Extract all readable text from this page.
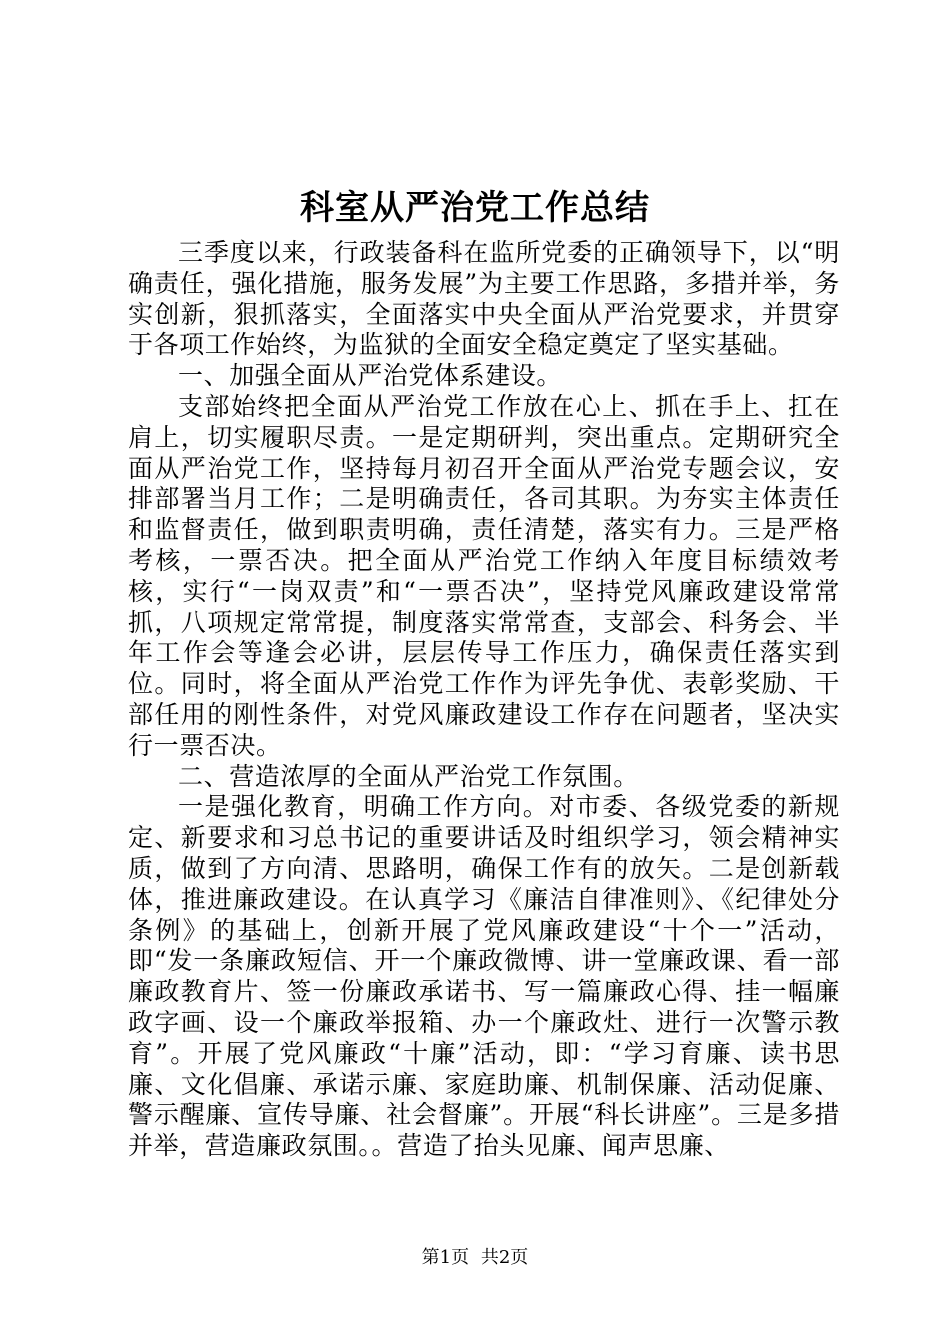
科室从严治党工作总结

三季度以来，行政装备科在监所党委的正确领导下，以“明确责任，强化措施，服务发展”为主要工作思路，多措并举，务实创新，狠抓落实，全面落实中央全面从严治党要求，并贯穿于各项工作始终，为监狱的全面安全稳定奠定了坚实基础。

一、加强全面从严治党体系建设。

支部始终把全面从严治党工作放在心上、抓在手上、扛在肩上，切实履职尽责。一是定期研判，突出重点。定期研究全面从严治党工作，坚持每月初召开全面从严治党专题会议，安排部署当月工作；二是明确责任，各司其职。为夯实主体责任和监督责任，做到职责明确，责任清楚，落实有力。三是严格考核，一票否决。把全面从严治党工作纳入年度目标绩效考核，实行“一岗双责”和“一票否决”，坚持党风廉政建设常常抓，八项规定常常提，制度落实常常查，支部会、科务会、半年工作会等逢会必讲，层层传导工作压力，确保责任落实到位。同时，将全面从严治党工作作为评先争优、表彰奖励、干部任用的刚性条件，对党风廉政建设工作存在问题者，坚决实行一票否决。

二、营造浓厚的全面从严治党工作氛围。

一是强化教育，明确工作方向。对市委、各级党委的新规定、新要求和习总书记的重要讲话及时组织学习，领会精神实质，做到了方向清、思路明，确保工作有的放矢。二是创新载体，推进廉政建设。在认真学习《廉洁自律准则》、《纪律处分条例》的基础上，创新开展了党风廉政建设“十个一”活动，即“发一条廉政短信、开一个廉政微博、讲一堂廉政课、看一部廉政教育片、签一份廉政承诺书、写一篇廉政心得、挂一幅廉政字画、设一个廉政举报箱、办一个廉政灶、进行一次警示教育”。开展了党风廉政“十廉”活动，即：“学习育廉、读书思廉、文化倡廉、承诺示廉、家庭助廉、机制保廉、活动促廉、警示醒廉、宣传导廉、社会督廉”。开展“科长讲座”。三是多措并举，营造廉政氛围。。营造了抬头见廉、闻声思廉、

第1页 共2页
